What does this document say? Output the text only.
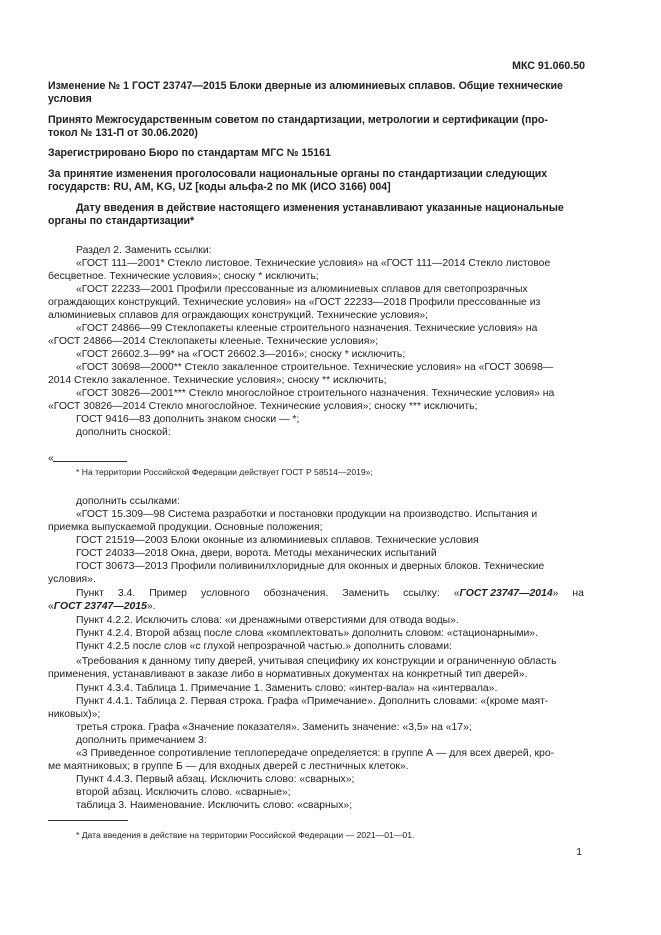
МКС 91.060.50
Изменение № 1 ГОСТ 23747—2015 Блоки дверные из алюминиевых сплавов. Общие технические
условия
Принято Межгосударственным советом по стандартизации, метрологии и сертификации (про-
токол № 131-П от 30.06.2020)
Зарегистрировано Бюро по стандартам МГС № 15161
За принятие изменения проголосовали национальные органы по стандартизации следующих
государств: RU, AM, KG, UZ [коды альфа-2 по МК (ИСО 3166) 004]
Дату введения в действие настоящего изменения устанавливают указанные национальные
органы по стандартизации*
Раздел 2. Заменить ссылки:
«ГОСТ 111—2001* Стекло листовое. Технические условия» на «ГОСТ 111—2014 Стекло листовое
бесцветное. Технические условия»; сноску * исключить;
«ГОСТ 22233—2001 Профили прессованные из алюминиевых сплавов для светопрозрачных
ограждающих конструкций. Технические условия» на «ГОСТ 22233—2018 Профили прессованные из
алюминиевых сплавов для ограждающих конструкций. Технические условия»;
«ГОСТ 24866—99 Стеклопакеты клееные строительного назначения. Технические условия» на
«ГОСТ 24866—2014 Стеклопакеты клееные. Технические условия»;
«ГОСТ 26602.3—99* на «ГОСТ 26602.3—2016»; сноску * исключить;
«ГОСТ 30698—2000** Стекло закаленное строительное. Технические условия» на «ГОСТ 30698—
2014 Стекло закаленное. Технические условия»; сноску ** исключить;
«ГОСТ 30826—2001*** Стекло многослойное строительного назначения. Технические условия» на
«ГОСТ 30826—2014 Стекло многослойное. Технические условия»; сноску *** исключить;
ГОСТ 9416—83 дополнить знаком сноски — *;
дополнить сноской:
«
* На территории Российской Федерации действует ГОСТ Р 58514—2019»;
дополнить ссылками:
«ГОСТ 15.309—98 Система разработки и постановки продукции на производство. Испытания и
приемка выпускаемой продукции. Основные положения;
ГОСТ 21519—2003 Блоки оконные из алюминиевых сплавов. Технические условия
ГОСТ 24033—2018 Окна, двери, ворота. Методы механических испытаний
ГОСТ 30673—2013 Профили поливинилхлоридные для оконных и дверных блоков. Технические
условия».
Пункт 3.4. Пример условного обозначения. Заменить ссылку: «ГОСТ 23747—2014» на
«ГОСТ 23747—2015».
Пункт 4.2.2. Исключить слова: «и дренажными отверстиями для отвода воды».
Пункт 4.2.4. Второй абзац после слова «комплектовать» дополнить словом: «стационарными».
Пункт 4.2.5 после слов «с глухой непрозрачной частью.» дополнить словами:
«Требования к данному типу дверей, учитывая специфику их конструкции и ограниченную область
применения, устанавливают в заказе либо в нормативных документах на конкретный тип дверей».
Пункт 4.3.4. Таблица 1. Примечание 1. Заменить слово: «интер-вала» на «интервала».
Пункт 4.4.1. Таблица 2. Первая строка. Графа «Примечание». Дополнить словами: «(кроме маят-
никовых)»;
третья строка. Графа «Значение показателя». Заменить значение: «3,5» на «17»;
дополнить примечанием 3:
«3 Приведенное сопротивление теплопередаче определяется: в группе А — для всех дверей, кро-
ме маятниковых; в группе Б — для входных дверей с лестничных клеток».
Пункт 4.4.3. Первый абзац. Исключить слово: «сварных»;
второй абзац. Исключить слово. «сварные»;
таблица 3. Наименование. Исключить слово: «сварных»;
* Дата введения в действие на территории Российской Федерации — 2021—01—01.
1
